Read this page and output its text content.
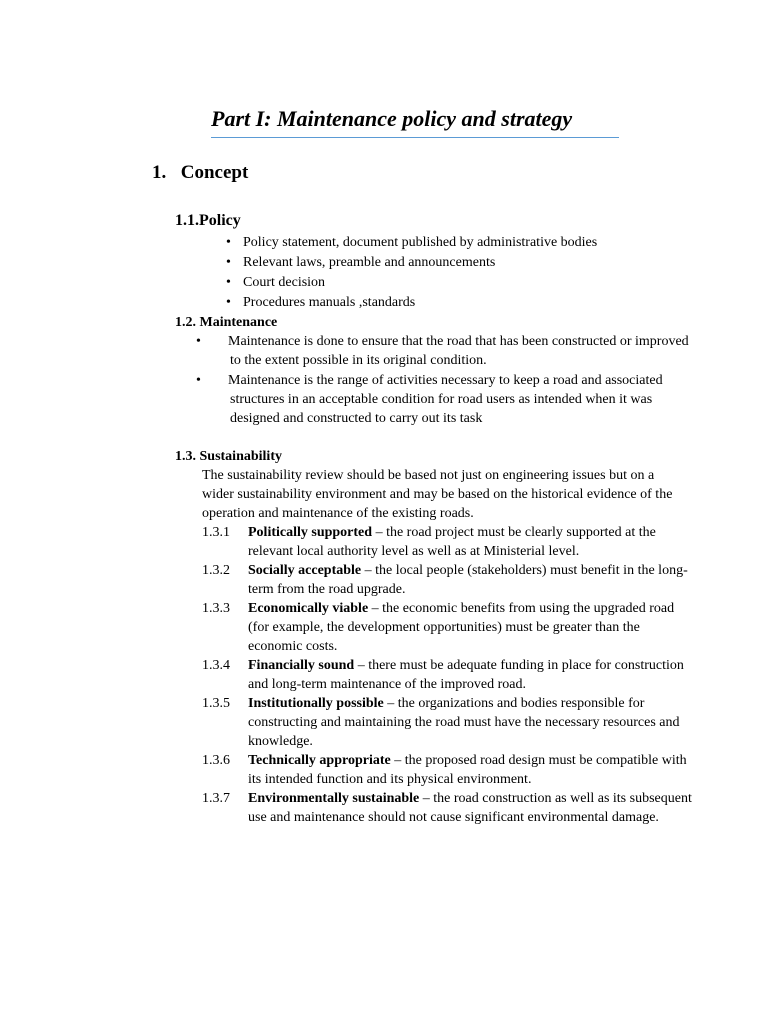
Part I: Maintenance policy and strategy
1. Concept
1.1.Policy
• Policy statement, document published by administrative bodies
• Relevant laws, preamble and announcements
• Court decision
• Procedures manuals ,standards
1.2. Maintenance
• Maintenance is done to ensure that the road that has been constructed or improved to the extent possible in its original condition.
• Maintenance is the range of activities necessary to keep a road and associated structures in an acceptable condition for road users as intended when it was designed and constructed to carry out its task
1.3. Sustainability

The sustainability review should be based not just on engineering issues but on a wider sustainability environment and may be based on the historical evidence of the operation and maintenance of the existing roads.

1.3.1 Politically supported – the road project must be clearly supported at the relevant local authority level as well as at Ministerial level.
1.3.2 Socially acceptable – the local people (stakeholders) must benefit in the long-term from the road upgrade.
1.3.3 Economically viable – the economic benefits from using the upgraded road (for example, the development opportunities) must be greater than the economic costs.
1.3.4 Financially sound – there must be adequate funding in place for construction and long-term maintenance of the improved road.
1.3.5 Institutionally possible – the organizations and bodies responsible for constructing and maintaining the road must have the necessary resources and knowledge.
1.3.6 Technically appropriate – the proposed road design must be compatible with its intended function and its physical environment.
1.3.7 Environmentally sustainable – the road construction as well as its subsequent use and maintenance should not cause significant environmental damage.
